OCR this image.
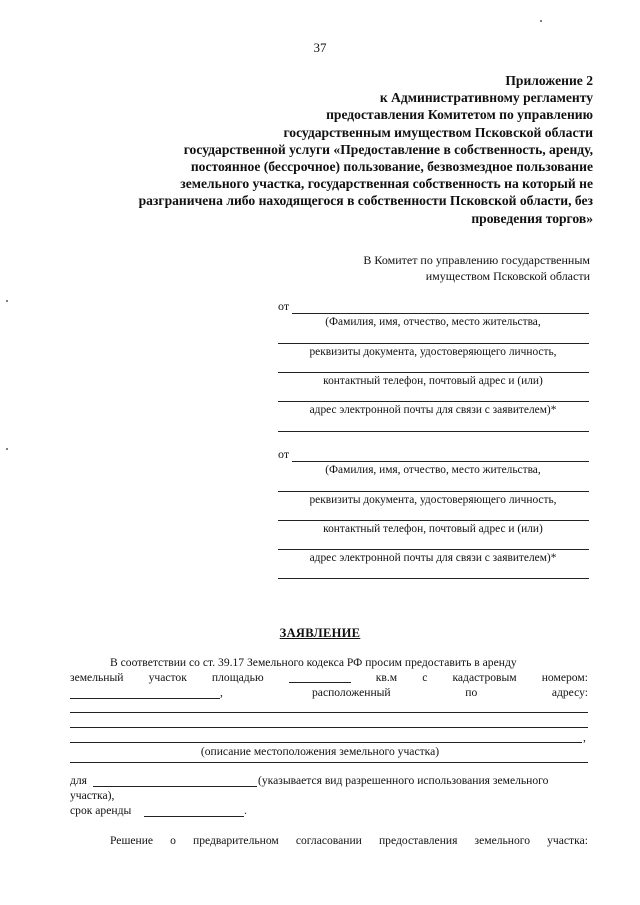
37
Приложение 2
к Административному регламенту
предоставления Комитетом по управлению
государственным имуществом Псковской области
государственной услуги «Предоставление в собственность, аренду,
постоянное (бессрочное) пользование, безвозмездное пользование
земельного участка, государственная собственность на который не
разграничена либо находящегося в собственности Псковской области, без
проведения торгов»
В Комитет по управлению государственным
имуществом Псковской области
от
(Фамилия, имя, отчество, место жительства,
реквизиты документа, удостоверяющего личность,
контактный телефон, почтовый адрес и (или)
адрес электронной почты для связи с заявителем)*
от
(Фамилия, имя, отчество, место жительства,
реквизиты документа, удостоверяющего личность,
контактный телефон, почтовый адрес и (или)
адрес электронной почты для связи с заявителем)*
ЗАЯВЛЕНИЕ
В соответствии со ст. 39.17 Земельного кодекса РФ просим предоставить в аренду
земельный участок площадью	кв.м с кадастровым номером:
,	расположенный	по	адресу:
,
(описание местоположения земельного участка)
для	(указывается вид разрешенного использования земельного
участка),
срок аренды	.
Решение о предварительном согласовании предоставления земельного участка:
